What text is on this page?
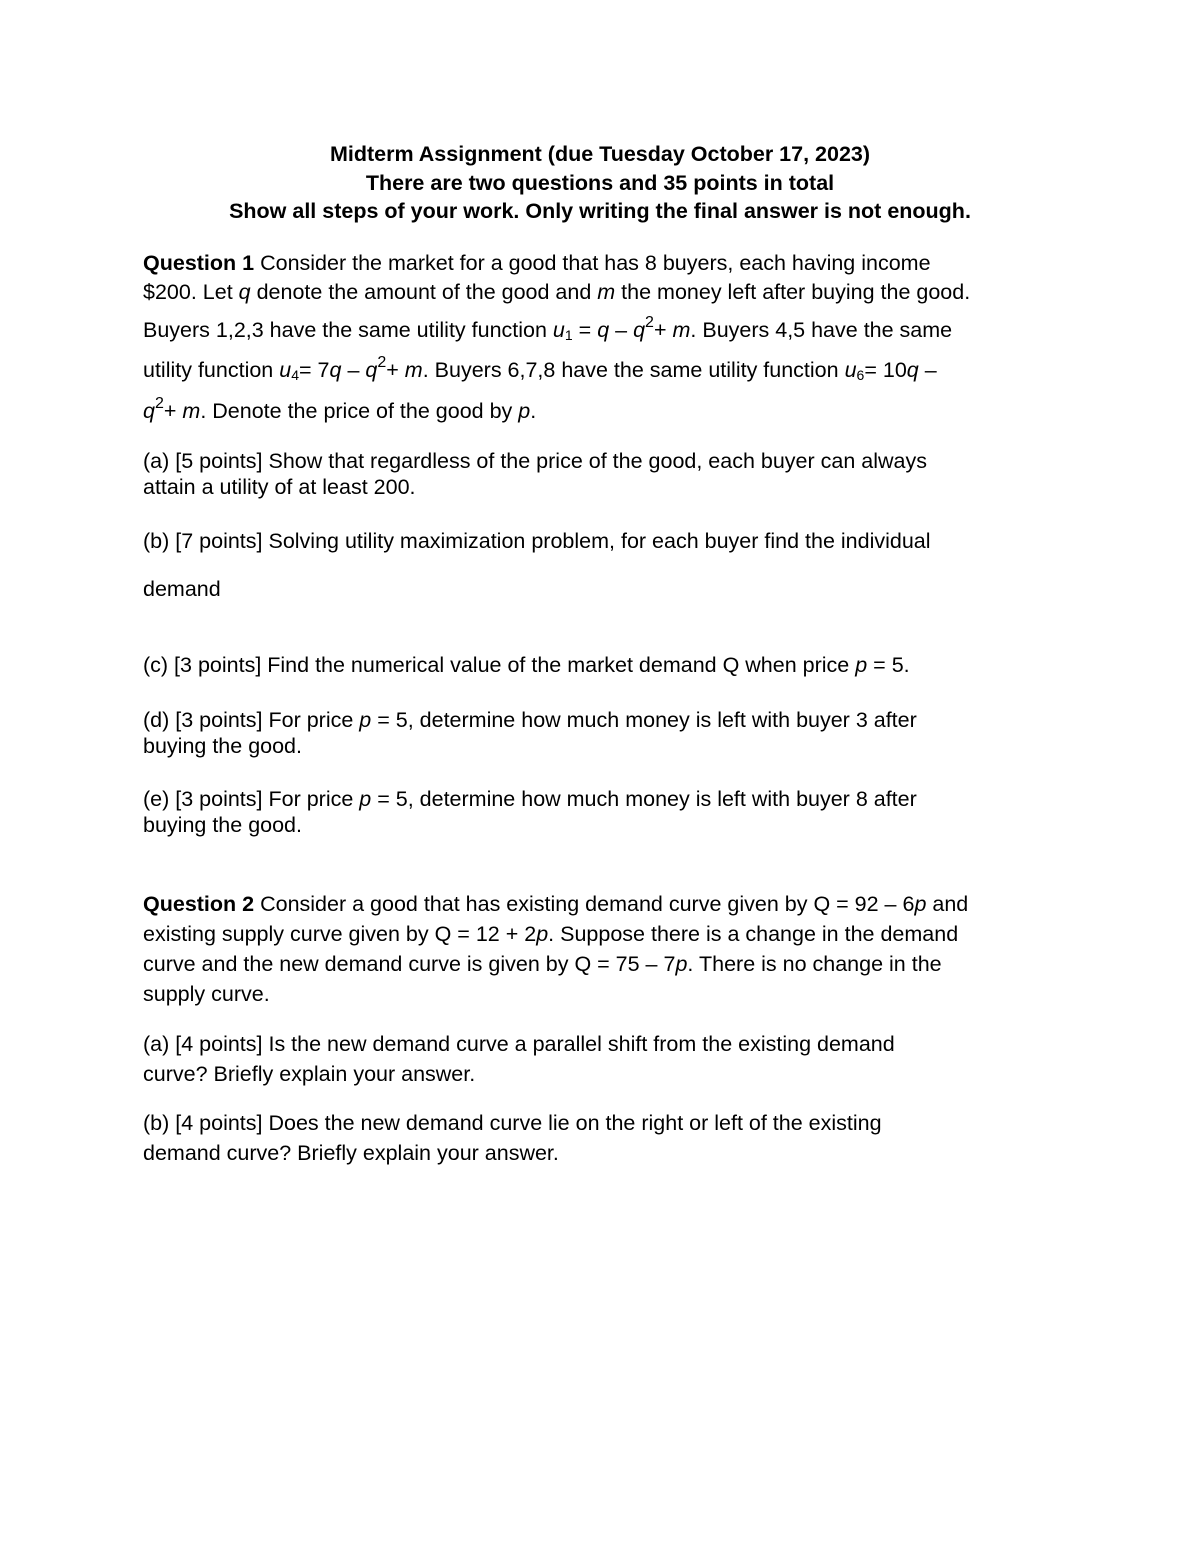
Midterm Assignment (due Tuesday October 17, 2023)
There are two questions and 35 points in total
Show all steps of your work. Only writing the final answer is not enough.
Question 1 Consider the market for a good that has 8 buyers, each having income
$200. Let q denote the amount of the good and m the money left after buying the good.
Buyers 1,2,3 have the same utility function $u_1 = q - q^2+ m$. Buyers 4,5 have the same
utility function $u_4= 7q - q^2+ m$. Buyers 6,7,8 have the same utility function $u_6= 10q$ –
$q^2+ m$. Denote the price of the good by p.
(a) [5 points] Show that regardless of the price of the good, each buyer can always
attain a utility of at least 200.
(b) [7 points] Solving utility maximization problem, for each buyer find the individual
demand
(c) [3 points] Find the numerical value of the market demand Q when price p = 5.
(d) [3 points] For price p = 5, determine how much money is left with buyer 3 after
buying the good.
(e) [3 points] For price p = 5, determine how much money is left with buyer 8 after
buying the good.
Question 2 Consider a good that has existing demand curve given by Q = 92 – 6p and
existing supply curve given by Q = 12 + 2p. Suppose there is a change in the demand
curve and the new demand curve is given by Q = 75 – 7p. There is no change in the
supply curve.
(a) [4 points] Is the new demand curve a parallel shift from the existing demand
curve? Briefly explain your answer.
(b) [4 points] Does the new demand curve lie on the right or left of the existing
demand curve? Briefly explain your answer.
